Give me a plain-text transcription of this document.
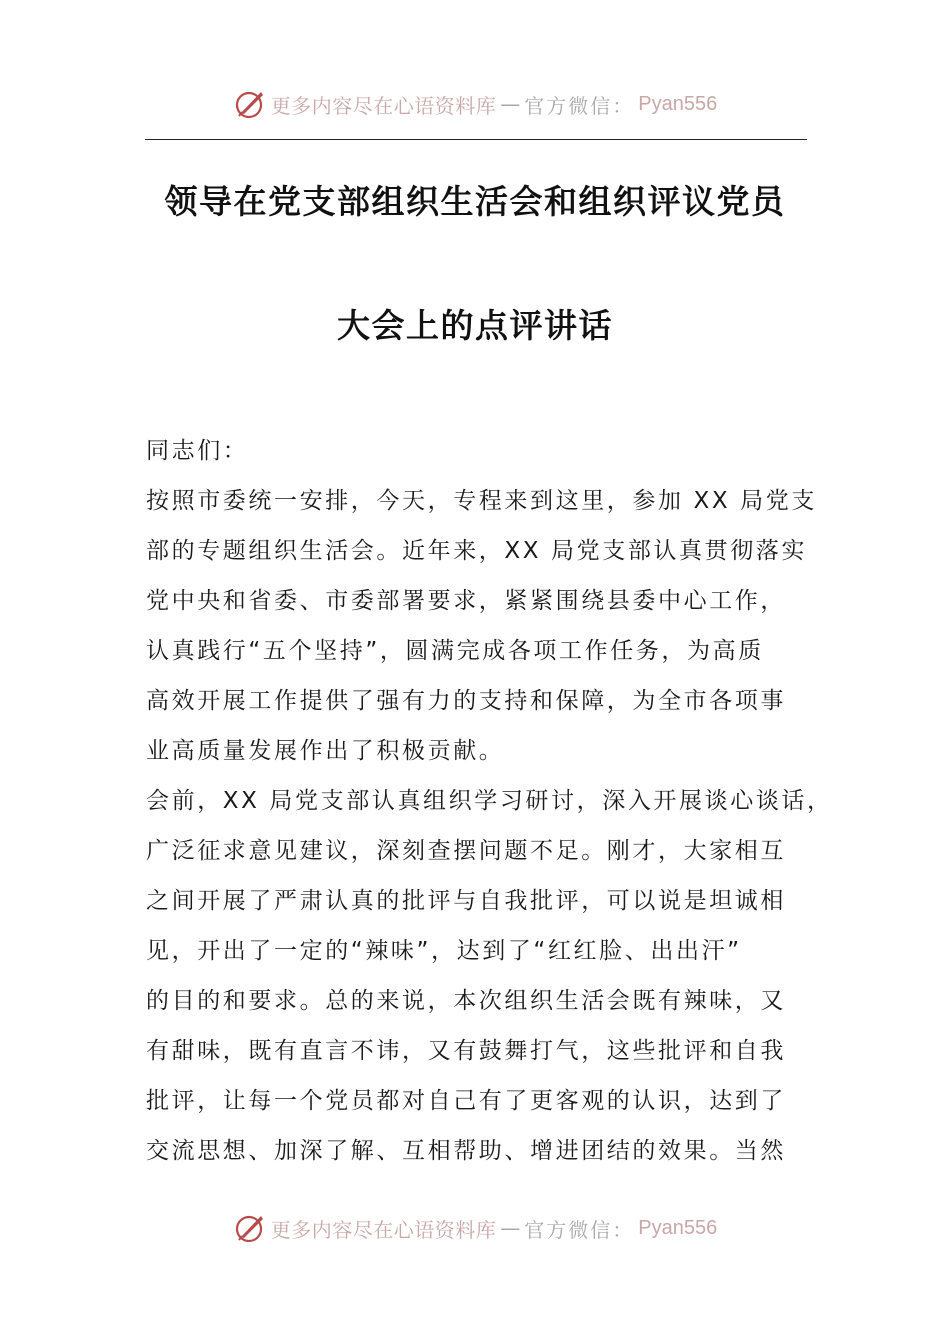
更多内容尽在心语资料库 — 官方微信： Pyan556
领导在党支部组织生活会和组织评议党员
大会上的点评讲话
同志们：
按照市委统一安排，今天，专程来到这里，参加 XX 局党支
部的专题组织生活会。近年来，XX 局党支部认真贯彻落实
党中央和省委、市委部署要求，紧紧围绕县委中心工作，
认真践行“五个坚持”，圆满完成各项工作任务，为高质
高效开展工作提供了强有力的支持和保障，为全市各项事
业高质量发展作出了积极贡献。
会前，XX 局党支部认真组织学习研讨，深入开展谈心谈话，
广泛征求意见建议，深刻查摆问题不足。刚才，大家相互
之间开展了严肃认真的批评与自我批评，可以说是坦诚相
见，开出了一定的“辣味”，达到了“红红脸、出出汗”
的目的和要求。总的来说，本次组织生活会既有辣味，又
有甜味，既有直言不讳，又有鼓舞打气，这些批评和自我
批评，让每一个党员都对自己有了更客观的认识，达到了
交流思想、加深了解、互相帮助、增进团结的效果。当然
更多内容尽在心语资料库 — 官方微信： Pyan556
